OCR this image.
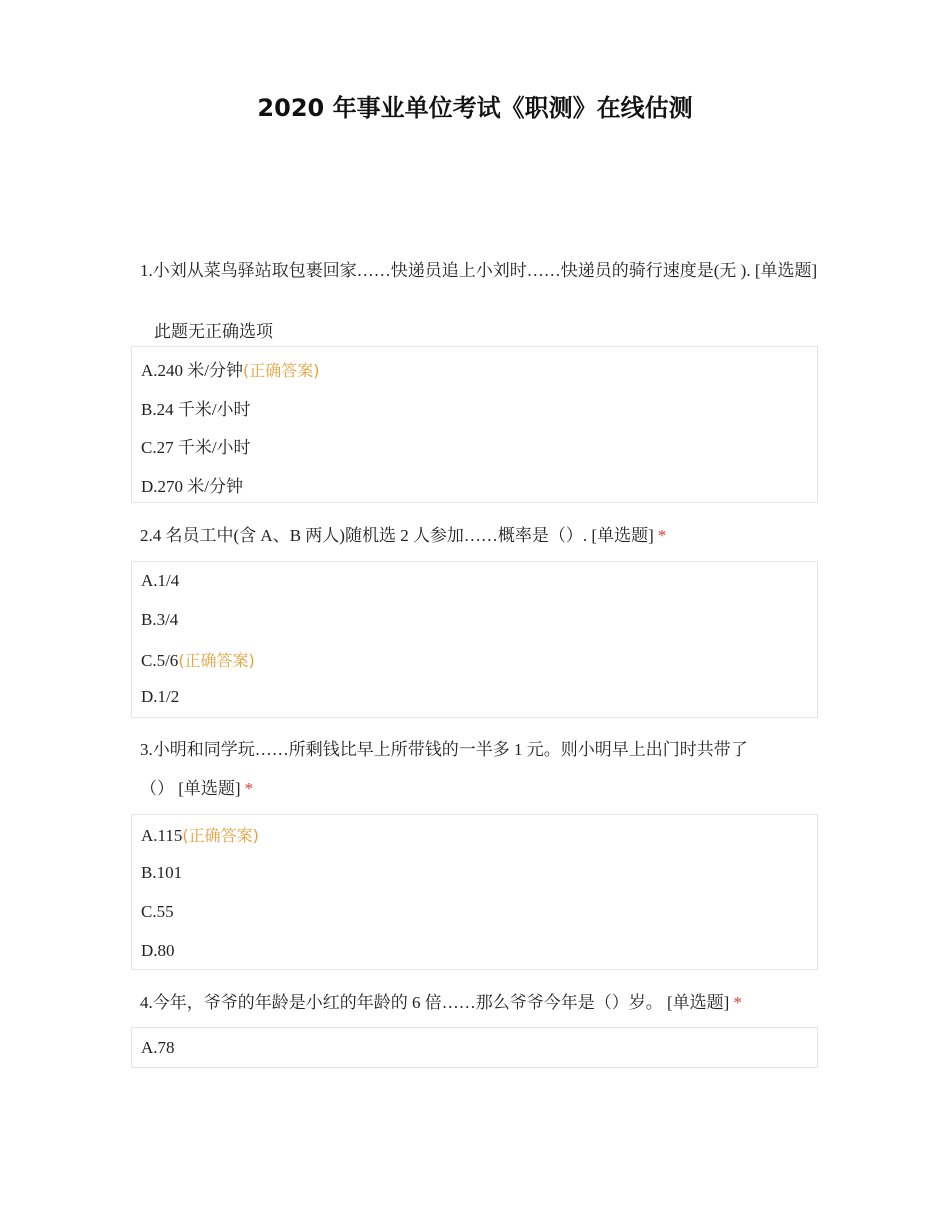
2020 年事业单位考试《职测》在线估测
1.小刘从菜鸟驿站取包裹回家……快递员追上小刘时……快递员的骑行速度是(无 ). [单选题]
此题无正确选项
A.240 米/分钟(正确答案)
B.24 千米/小时
C.27 千米/小时
D.270 米/分钟
2.4 名员工中(含 A、B 两人)随机选 2 人参加……概率是（）. [单选题] *
A.1/4
B.3/4
C.5/6(正确答案)
D.1/2
3.小明和同学玩……所剩钱比早上所带钱的一半多 1 元。则小明早上出门时共带了
（） [单选题] *
A.115(正确答案)
B.101
C.55
D.80
4.今年，爷爷的年龄是小红的年龄的 6 倍……那么爷爷今年是（）岁。 [单选题] *
A.78
